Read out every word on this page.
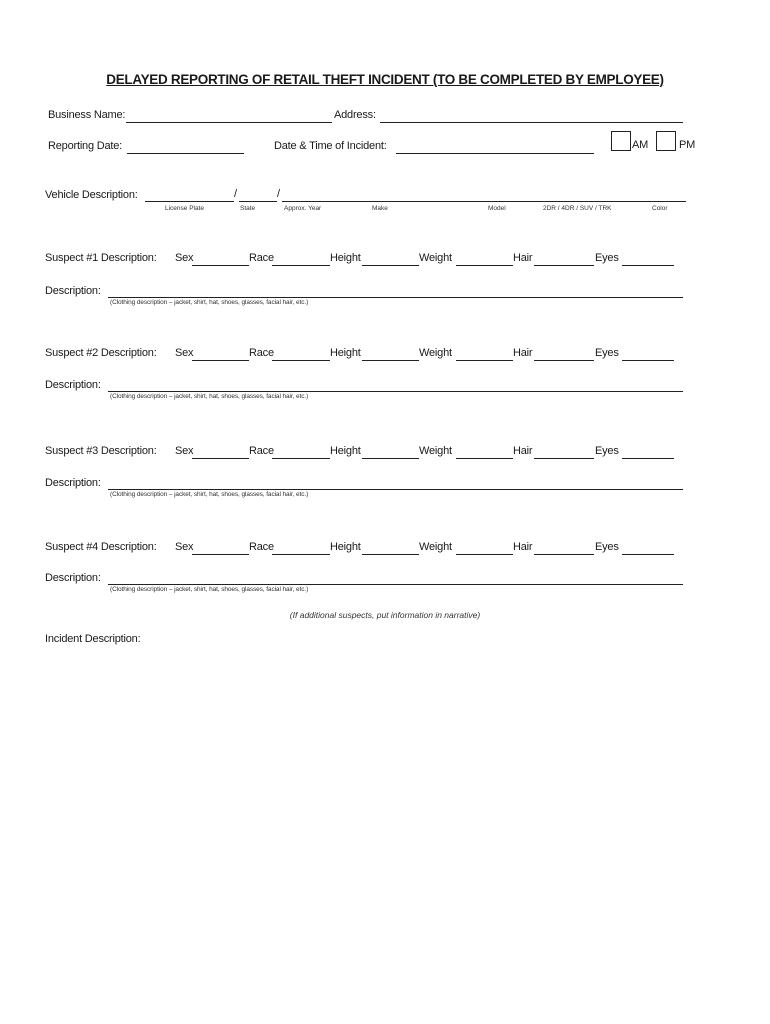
DELAYED REPORTING OF RETAIL THEFT INCIDENT (TO BE COMPLETED BY EMPLOYEE)
Business Name:	Address:
Reporting Date:	Date & Time of Incident:	AM	PM
Vehicle Description:	/	/
License Plate	State	Approx. Year	Make	Model	2DR / 4DR / SUV / TRK	Color
Suspect #1 Description: Sex	Race	Height	Weight	Hair	Eyes
Description:
(Clothing description – jacket, shirt, hat, shoes, glasses, facial hair, etc.)
Suspect #2 Description: Sex	Race	Height	Weight	Hair	Eyes
Description:
(Clothing description – jacket, shirt, hat, shoes, glasses, facial hair, etc.)
Suspect #3 Description: Sex	Race	Height	Weight	Hair	Eyes
Description:
(Clothing description – jacket, shirt, hat, shoes, glasses, facial hair, etc.)
Suspect #4 Description: Sex	Race	Height	Weight	Hair	Eyes
Description:
(Clothing description – jacket, shirt, hat, shoes, glasses, facial hair, etc.)
(If additional suspects, put information in narrative)
Incident Description:
